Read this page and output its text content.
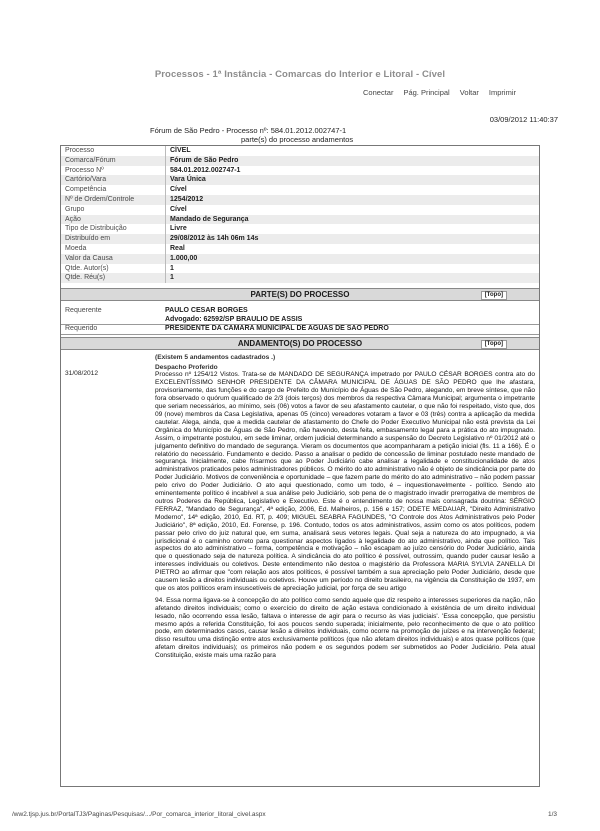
Processos - 1ª Instância - Comarcas do Interior e Litoral - Cível
Conectar Pág. Principal Voltar Imprimir
03/09/2012 11:40:37
Fórum de São Pedro - Processo nº: 584.01.2012.002747-1
parte(s) do processo andamentos
Processo	CÍVEL
Comarca/Fórum	Fórum de São Pedro
Processo Nº	584.01.2012.002747-1
Cartório/Vara	Vara Única
Competência	Cível
Nº de Ordem/Controle	1254/2012
Grupo	Cível
Ação	Mandado de Segurança
Tipo de Distribuição	Livre
Distribuído em	29/08/2012 às 14h 06m 14s
Moeda	Real
Valor da Causa	1.000,00
Qtde. Autor(s)	1
Qtde. Réu(s)	1
PARTE(S) DO PROCESSO	[Topo]
Requerente	PAULO CESAR BORGES
Advogado: 62592/SP BRAULIO DE ASSIS
Requerido	PRESIDENTE DA CAMARA MUNICIPAL DE AGUAS DE SAO PEDRO
ANDAMENTO(S) DO PROCESSO	[Topo]
31/08/2012
(Existem 5 andamentos cadastrados .)
Despacho Proferido

Processo nº 1254/12 Vistos. Trata-se de MANDADO DE SEGURANÇA impetrado por PAULO CÉSAR BORGES contra ato do EXCELENTÍSSIMO SENHOR PRESIDENTE DA CÂMARA MUNICIPAL DE ÁGUAS DE SÃO PEDRO que lhe afastara, provisoriamente, das funções e do cargo de Prefeito do Município de Águas de São Pedro, alegando, em breve síntese, que não fora observado o quórum qualificado de 2/3 (dois terços) dos membros da respectiva Câmara Municipal; argumenta o impetrante que seriam necessários, ao mínimo, seis (06) votos a favor de seu afastamento cautelar, o que não foi respeitado, visto que, dos 09 (nove) membros da Casa Legislativa, apenas 05 (cinco) vereadores votaram a favor e 03 (três) contra a aplicação da medida cautelar. Alega, ainda, que a medida cautelar de afastamento do Chefe do Poder Executivo Municipal não está prevista da Lei Orgânica do Município de Águas de São Pedro, não havendo, desta feita, embasamento legal para a prática do ato impugnado. Assim, o impetrante postulou, em sede liminar, ordem judicial determinando a suspensão do Decreto Legislativo nº 01/2012 até o julgamento definitivo do mandado de segurança. Vieram os documentos que acompanharam a petição inicial (fls. 11 a 166). É o relatório do necessário. Fundamento e decido. Passo a analisar o pedido de concessão de liminar postulado neste mandado de segurança. Inicialmente, cabe frisarmos que ao Poder Judiciário cabe analisar a legalidade e constitucionalidade de atos administrativos praticados pelos administradores públicos. O mérito do ato administrativo não é objeto de sindicância por parte do Poder Judiciário. Motivos de conveniência e oportunidade – que fazem parte do mérito do ato administrativo – não podem passar pelo crivo do Poder Judiciário. O ato aqui questionado, como um todo, é – inquestionavelmente - político. Sendo ato eminentemente político é incabível a sua análise pelo Judiciário, sob pena de o magistrado invadir prerrogativa de membros de outros Poderes da República, Legislativo e Executivo. Este é o entendimento de nossa mais consagrada doutrina: SÉRGIO FERRAZ, "Mandado de Segurança", 4ª edição, 2006, Ed. Malheiros, p. 156 e 157; ODETE MEDAUAR, "Direito Administrativo Moderno", 14ª edição, 2010, Ed. RT, p. 409; MIGUEL SEABRA FAGUNDES, "O Controle dos Atos Administrativos pelo Poder Judiciário", 8ª edição, 2010, Ed. Forense, p. 196. Contudo, todos os atos administrativos, assim como os atos políticos, podem passar pelo crivo do juiz natural que, em suma, analisará seus vetores legais. Qual seja a natureza do ato impugnado, a via jurisdicional é o caminho correto para questionar aspectos ligados à legalidade do ato administrativo, ainda que político. Tais aspectos do ato administrativo – forma, competência e motivação – não escapam ao juízo censório do Poder Judiciário, ainda que o questionado seja de natureza política. A sindicância do ato político é possível, outrossim, quando puder causar lesão a interesses individuais ou coletivos. Deste entendimento não destoa o magistério da Professora MARIA SYLVIA ZANELLA DI PIETRO ao afirmar que "com relação aos atos políticos, é possível também a sua apreciação pelo Poder Judiciário, desde que causem lesão a direitos individuais ou coletivos. Houve um período no direito brasileiro, na vigência da Constituição de 1937, em que os atos políticos eram insuscetíveis de apreciação judicial, por força de seu artigo

94. Essa norma ligava-se à concepção do ato político como sendo aquele que diz respeito a interesses superiores da nação, não afetando direitos individuais; como o exercício do direito de ação estava condicionado à existência de um direito individual lesado, não ocorrendo essa lesão, faltava o interesse de agir para o recurso às vias judiciais'. 'Essa concepção, que persistiu mesmo após a referida Constituição, foi aos poucos sendo superada; inicialmente, pelo reconhecimento de que o ato político pode, em determinados casos, causar lesão a direitos individuais, como ocorre na promoção de juízes e na intervenção federal; disso resultou uma distinção entre atos exclusivamente políticos (que não afetam direitos individuais) e atos quase políticos (que afetam direitos individuais); os primeiros não podem e os segundos podem ser submetidos ao Poder Judiciário. Pela atual Constituição, existe mais uma razão para

/ww2.tjsp.jus.br/PortalTJ3/Paginas/Pesquisas/.../Por_comarca_interior_litoral_civel.aspx	1/3
